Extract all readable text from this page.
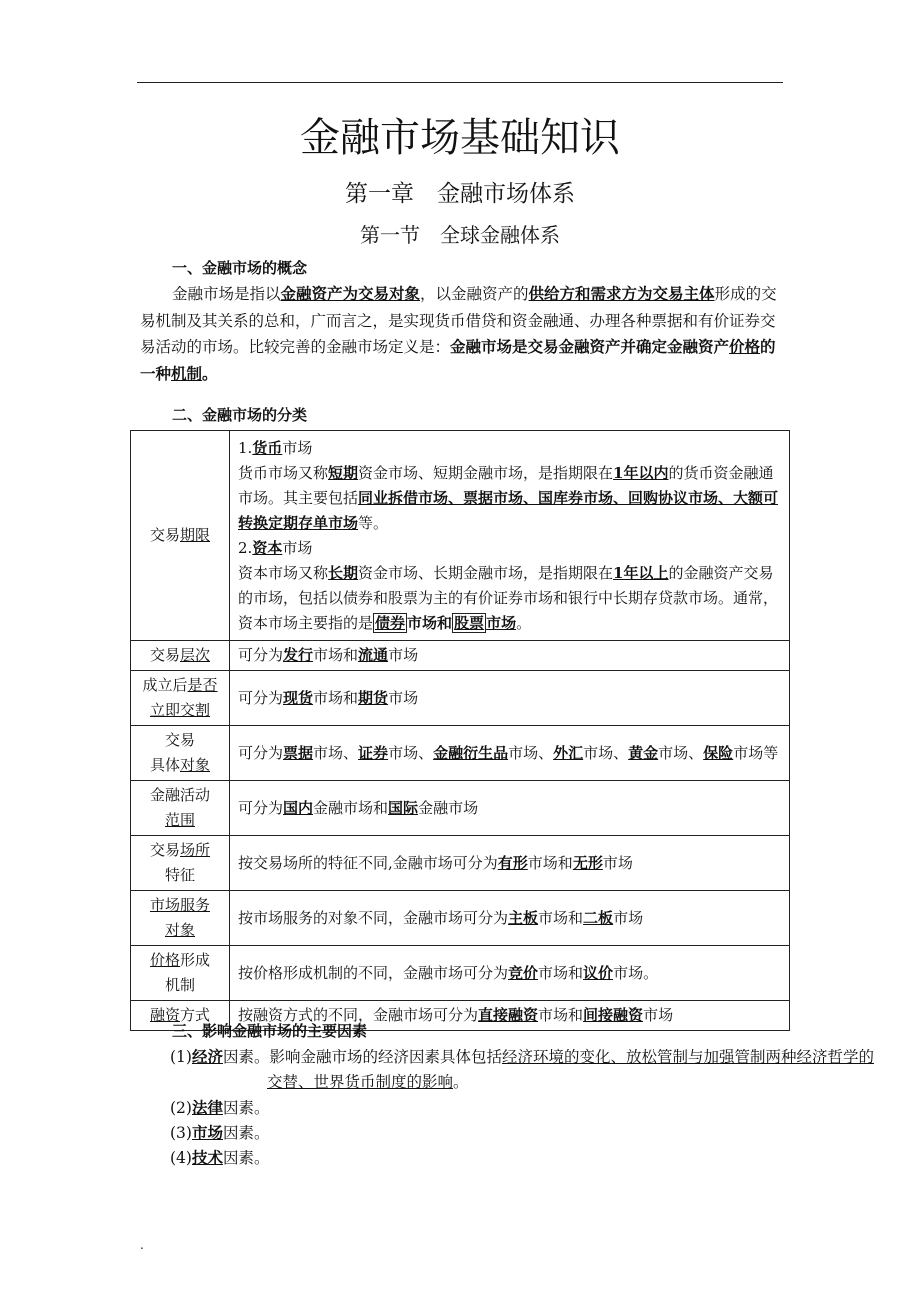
金融市场基础知识
第一章　金融市场体系
第一节　全球金融体系
一、金融市场的概念
金融市场是指以金融资产为交易对象，以金融资产的供给方和需求方为交易主体形成的交易机制及其关系的总和，广而言之，是实现货币借贷和资金融通、办理各种票据和有价证券交易活动的市场。比较完善的金融市场定义是：金融市场是交易金融资产并确定金融资产价格的一种机制。
二、金融市场的分类
交易期限	1.货币市场
货币市场又称短期资金市场、短期金融市场，是指期限在1年以内的货币资金融通市场。其主要包括同业拆借市场、票据市场、国库券市场、回购协议市场、大额可转换定期存单市场等。
2.资本市场
资本市场又称长期资金市场、长期金融市场，是指期限在1年以上的金融资产交易的市场，包括以债券和股票为主的有价证券市场和银行中长期存贷款市场。通常，资本市场主要指的是 债券 市场和 股票 市场。

交易层次	可分为发行市场和流通市场
成立后是否
立即交割	可分为现货市场和期货市场
交易
具体对象	可分为票据市场、证券市场、金融衍生品市场、外汇市场、黄金市场、保险市场等
金融活动
范围	可分为国内金融市场和国际金融市场
交易场所
特征	按交易场所的特征不同,金融市场可分为有形市场和无形市场
市场服务
对象	按市场服务的对象不同，金融市场可分为主板市场和二板市场
价格形成
机制	按价格形成机制的不同，金融市场可分为竞价市场和议价市场。
融资方式	按融资方式的不同，金融市场可分为直接融资市场和间接融资市场
三、影响金融市场的主要因素
(1)经济因素。影响金融市场的经济因素具体包括经济环境的变化、放松管制与加强管制两种经济哲学的交替、世界货币制度的影响。
(2)法律因素。
(3)市场因素。
(4)技术因素。
.
